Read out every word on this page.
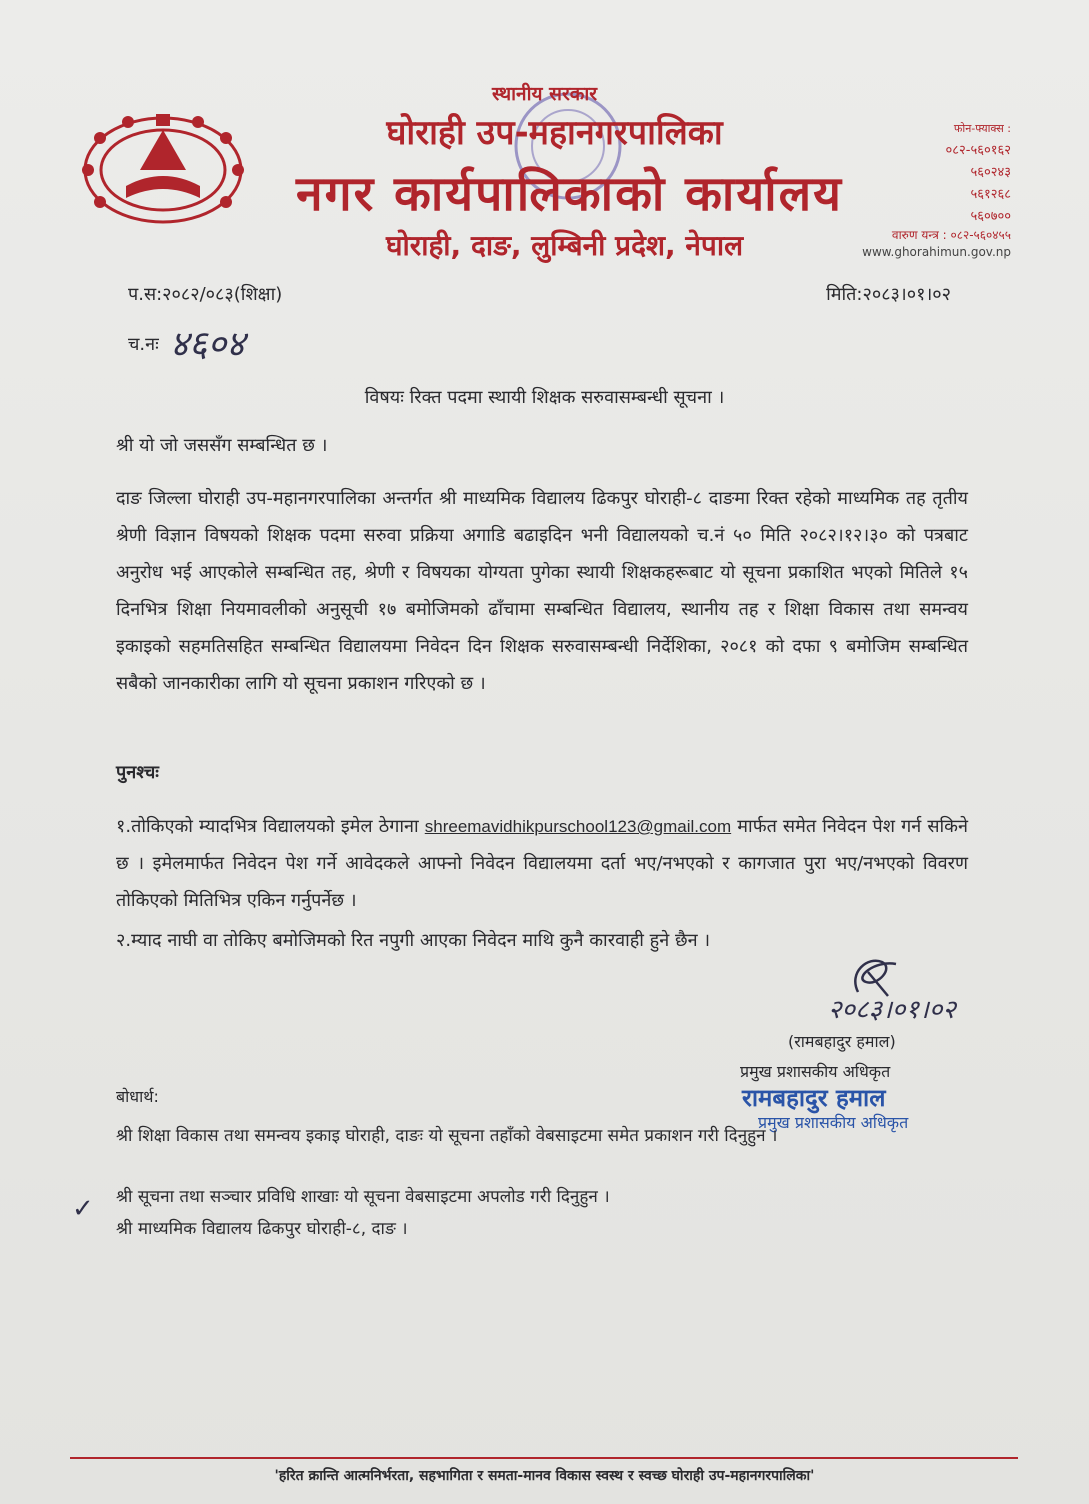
स्थानीय सरकार
घोराही उप-महानगरपालिका
नगर कार्यपालिकाको कार्यालय
घोराही, दाङ, लुम्बिनी प्रदेश, नेपाल
फोन-फ्याक्स :
०८२-५६०१६२
५६०२४३
५६१२६८
५६०७००
वारुण यन्त्र : ०८२-५६०४५५
www.ghorahimun.gov.np
प.स:२०८२/०८३(शिक्षा)	मिति:२०८३।०१।०२
च.नः ४६०४
विषयः रिक्त पदमा स्थायी शिक्षक सरुवासम्बन्धी सूचना ।
श्री यो जो जससँग सम्बन्धित छ ।
दाङ जिल्ला घोराही उप-महानगरपालिका अन्तर्गत श्री माध्यमिक विद्यालय ढिकपुर घोराही-८ दाङमा रिक्त रहेको माध्यमिक तह तृतीय श्रेणी विज्ञान विषयको शिक्षक पदमा सरुवा प्रक्रिया अगाडि बढाइदिन भनी विद्यालयको च.नं ५० मिति २०८२।१२।३० को पत्रबाट अनुरोध भई आएकोले सम्बन्धित तह, श्रेणी र विषयका योग्यता पुगेका स्थायी शिक्षकहरूबाट यो सूचना प्रकाशित भएको मितिले १५ दिनभित्र शिक्षा नियमावलीको अनुसूची १७ बमोजिमको ढाँचामा सम्बन्धित विद्यालय, स्थानीय तह र शिक्षा विकास तथा समन्वय इकाइको सहमतिसहित सम्बन्धित विद्यालयमा निवेदन दिन शिक्षक सरुवासम्बन्धी निर्देशिका, २०८१ को दफा ९ बमोजिम सम्बन्धित सबैको जानकारीका लागि यो सूचना प्रकाशन गरिएको छ ।
पुनश्चः
१.तोकिएको म्यादभित्र विद्यालयको इमेल ठेगाना shreemavidhikpurschool123@gmail.com मार्फत समेत निवेदन पेश गर्न सकिने छ । इमेलमार्फत निवेदन पेश गर्ने आवेदकले आफ्नो निवेदन विद्यालयमा दर्ता भए/नभएको र कागजात पुरा भए/नभएको विवरण तोकिएको मितिभित्र एकिन गर्नुपर्नेछ ।
२.म्याद नाघी वा तोकिए बमोजिमको रित नपुगी आएका निवेदन माथि कुनै कारवाही हुने छैन ।
२०८३।०१।०२
(रामबहादुर हमाल)
प्रमुख प्रशासकीय अधिकृत
रामबहादुर हमाल
प्रमुख प्रशासकीय अधिकृत
बोधार्थ:
श्री शिक्षा विकास तथा समन्वय इकाइ घोराही, दाङः यो सूचना तहाँको वेबसाइटमा समेत प्रकाशन गरी दिनुहुन ।
✓ श्री सूचना तथा सञ्चार प्रविधि शाखाः यो सूचना वेबसाइटमा अपलोड गरी दिनुहुन ।
श्री माध्यमिक विद्यालय ढिकपुर घोराही-८, दाङ ।
'हरित क्रान्ति आत्मनिर्भरता, सहभागिता र समता-मानव विकास स्वस्थ र स्वच्छ घोराही उप-महानगरपालिका'
